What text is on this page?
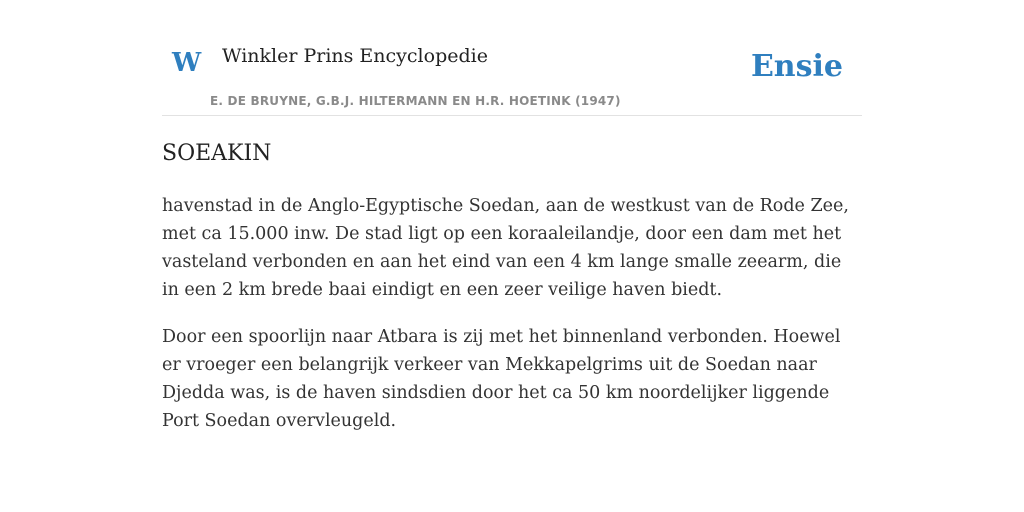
W Winkler Prins Encyclopedie
E. DE BRUYNE, G.B.J. HILTERMANN EN H.R. HOETINK (1947)
Ensie
SOEAKIN

havenstad in de Anglo-Egyptische Soedan, aan de westkust van de Rode Zee, met ca 15.000 inw. De stad ligt op een koraaleilandje, door een dam met het vasteland verbonden en aan het eind van een 4 km lange smalle zeearm, die in een 2 km brede baai eindigt en een zeer veilige haven biedt.

Door een spoorlijn naar Atbara is zij met het binnenland verbonden. Hoewel er vroeger een belangrijk verkeer van Mekkapelgrims uit de Soedan naar Djedda was, is de haven sindsdien door het ca 50 km noordelijker liggende Port Soedan overvleugeld.
